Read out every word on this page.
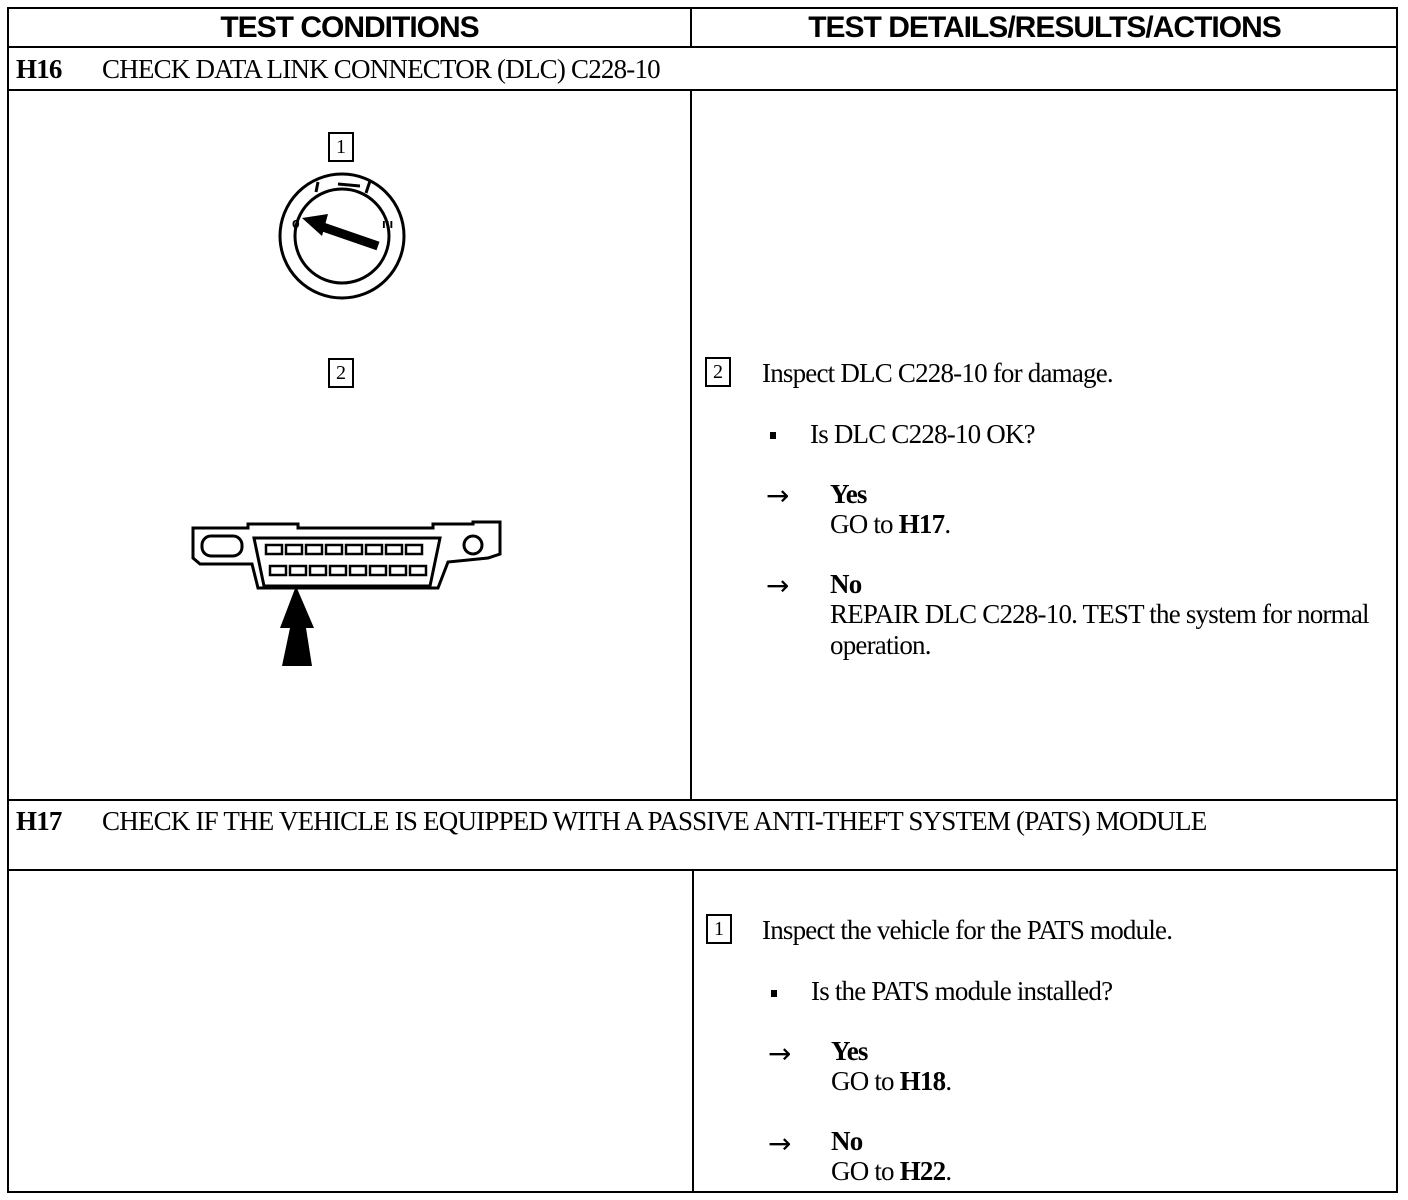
TEST CONDITIONS	TEST DETAILS/RESULTS/ACTIONS
H16 CHECK DATA LINK CONNECTOR (DLC) C228-10
1
0	III
2	2 Inspect DLC C228-10 for damage.
Is DLC C228-10 OK?
→ Yes
GO to H17.
→ No
REPAIR DLC C228-10. TEST the system for normal operation.
H17 CHECK IF THE VEHICLE IS EQUIPPED WITH A PASSIVE ANTI-THEFT SYSTEM (PATS) MODULE
1 Inspect the vehicle for the PATS module.
Is the PATS module installed?
→ Yes
GO to H18.
→ No
GO to H22.
